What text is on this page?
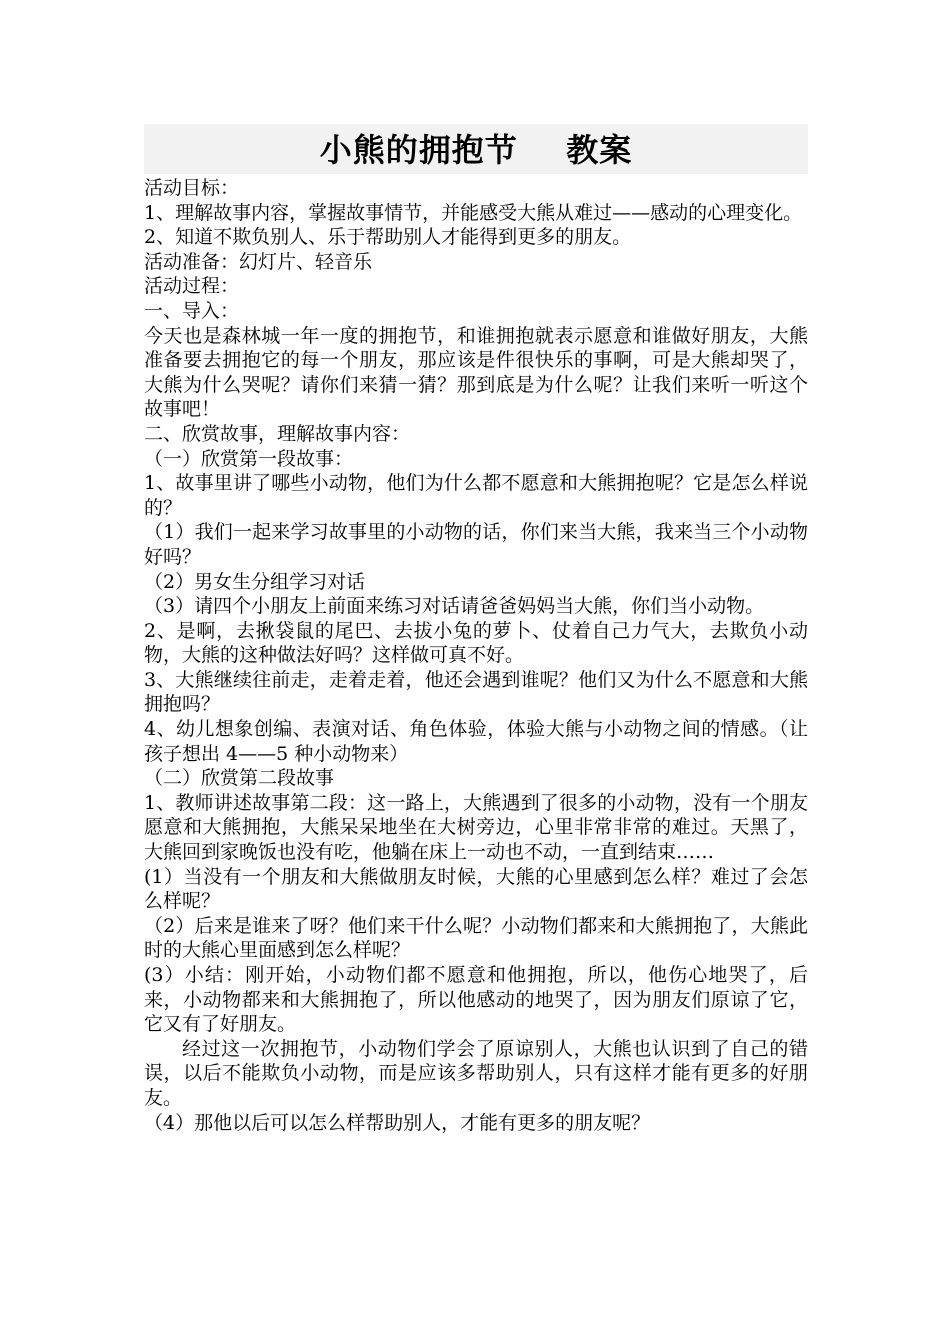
小熊的拥抱节    教案

活动目标：

1、理解故事内容，掌握故事情节，并能感受大熊从难过——感动的心理变化。

2、知道不欺负别人、乐于帮助别人才能得到更多的朋友。

活动准备：幻灯片、轻音乐

活动过程：

一、导入：

今天也是森林城一年一度的拥抱节，和谁拥抱就表示愿意和谁做好朋友，大熊准备要去拥抱它的每一个朋友，那应该是件很快乐的事啊，可是大熊却哭了，大熊为什么哭呢？请你们来猜一猜？那到底是为什么呢？让我们来听一听这个故事吧！

二、欣赏故事，理解故事内容：

（一）欣赏第一段故事：

1、故事里讲了哪些小动物，他们为什么都不愿意和大熊拥抱呢？它是怎么样说的？

（1）我们一起来学习故事里的小动物的话，你们来当大熊，我来当三个小动物好吗？

（2）男女生分组学习对话

（3）请四个小朋友上前面来练习对话请爸爸妈妈当大熊，你们当小动物。

2、是啊，去揪袋鼠的尾巴、去拔小兔的萝卜、仗着自己力气大，去欺负小动物，大熊的这种做法好吗？这样做可真不好。

3、大熊继续往前走，走着走着，他还会遇到谁呢？他们又为什么不愿意和大熊拥抱吗？

4、幼儿想象创编、表演对话、角色体验，体验大熊与小动物之间的情感。（让孩子想出 4——5 种小动物来）

（二）欣赏第二段故事

1、教师讲述故事第二段：这一路上，大熊遇到了很多的小动物，没有一个朋友愿意和大熊拥抱，大熊呆呆地坐在大树旁边，心里非常非常的难过。天黑了，大熊回到家晚饭也没有吃，他躺在床上一动也不动，一直到结束……

(1）当没有一个朋友和大熊做朋友时候，大熊的心里感到怎么样？难过了会怎么样呢？

（2）后来是谁来了呀？他们来干什么呢？小动物们都来和大熊拥抱了，大熊此时的大熊心里面感到怎么样呢？

(3）小结：刚开始，小动物们都不愿意和他拥抱，所以，他伤心地哭了，后来，小动物都来和大熊拥抱了，所以他感动的地哭了，因为朋友们原谅了它，它又有了好朋友。

经过这一次拥抱节，小动物们学会了原谅别人，大熊也认识到了自己的错误，以后不能欺负小动物，而是应该多帮助别人，只有这样才能有更多的好朋友。

（4）那他以后可以怎么样帮助别人，才能有更多的朋友呢？
